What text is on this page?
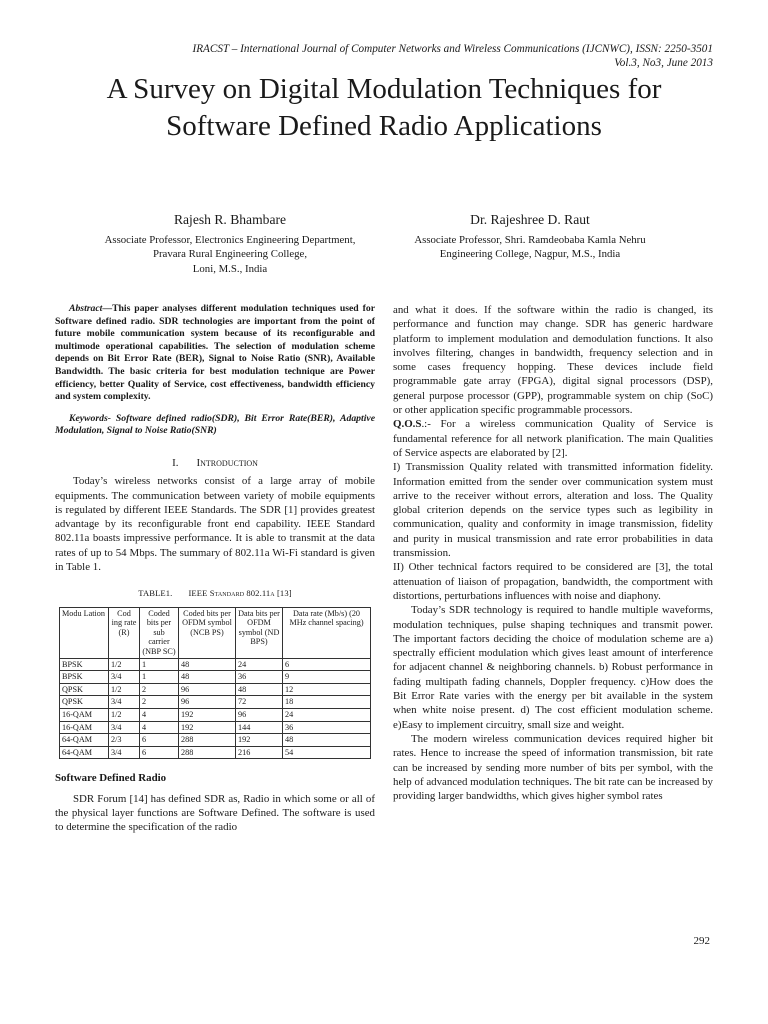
IRACST – International Journal of Computer Networks and Wireless Communications (IJCNWC), ISSN: 2250-3501
Vol.3, No3, June 2013
A Survey on Digital Modulation Techniques for
Software Defined Radio Applications
Rajesh R. Bhambare
Associate Professor, Electronics Engineering Department,
Pravara Rural Engineering College,
Loni, M.S., India
Dr. Rajeshree D. Raut
Associate Professor, Shri. Ramdeobaba Kamla Nehru
Engineering College, Nagpur, M.S., India

Abstract—This paper analyses different modulation techniques used for Software defined radio. SDR technologies are important from the point of future mobile communication system because of its reconfigurable and multimode operational capabilities. The selection of modulation scheme depends on Bit Error Rate (BER), Signal to Noise Ratio (SNR), Available Bandwidth. The basic criteria for best modulation technique are Power efficiency, better Quality of Service, cost effectiveness, bandwidth efficiency and system complexity.

Keywords- Software defined radio(SDR), Bit Error Rate(BER), Adaptive Modulation, Signal to Noise Ratio(SNR)

I. Introduction

Today’s wireless networks consist of a large array of mobile equipments. The communication between variety of mobile equipments is regulated by different IEEE Standards. The SDR [1] provides greatest advantage by its reconfigurable front end capability. IEEE Standard 802.11a boasts impressive performance. It is able to transmit at the data rates of up to 54 Mbps. The summary of 802.11a Wi-Fi standard is given in Table 1.

TABLE1. IEEE Standard 802.11a [13]
Modu Lation	Cod ing rate (R)	Coded bits per sub carrier (NBP SC)	Coded bits per OFDM symbol (NCB PS)	Data bits per OFDM symbol (ND BPS)	Data rate (Mb/s) (20 MHz channel spacing)
BPSK	1/2	1	48	24	6
BPSK	3/4	1	48	36	9
QPSK	1/2	2	96	48	12
QPSK	3/4	2	96	72	18
16-QAM	1/2	4	192	96	24
16-QAM	3/4	4	192	144	36
64-QAM	2/3	6	288	192	48
64-QAM	3/4	6	288	216	54

Software Defined Radio

SDR Forum [14] has defined SDR as, Radio in which some or all of the physical layer functions are Software Defined. The software is used to determine the specification of the radio

and what it does. If the software within the radio is changed, its performance and function may change. SDR has generic hardware platform to implement modulation and demodulation functions. It also involves filtering, changes in bandwidth, frequency selection and in some cases frequency hopping. These devices include field programmable gate array (FPGA), digital signal processors (DSP), general purpose processor (GPP), programmable system on chip (SoC) or other application specific programmable processors.

Q.O.S.:- For a wireless communication Quality of Service is fundamental reference for all network planification. The main Qualities of Service aspects are elaborated by [2].

I) Transmission Quality related with transmitted information fidelity. Information emitted from the sender over communication system must arrive to the receiver without errors, alteration and loss. The Quality global criterion depends on the service types such as legibility in communication, quality and conformity in image transmission, fidelity and purity in musical transmission and rate error probabilities in data transmission.

II) Other technical factors required to be considered are [3], the total attenuation of liaison of propagation, bandwidth, the comportment with distortions, perturbations influences with noise and diaphony.

Today’s SDR technology is required to handle multiple waveforms, modulation techniques, pulse shaping techniques and transmit power. The important factors deciding the choice of modulation scheme are a) spectrally efficient modulation which gives least amount of interference for adjacent channel & neighboring channels. b) Robust performance in fading multipath fading channels, Doppler frequency. c)How does the Bit Error Rate varies with the energy per bit available in the system when white noise present. d) The cost efficient modulation scheme. e)Easy to implement circuitry, small size and weight.

The modern wireless communication devices required higher bit rates. Hence to increase the speed of information transmission, bit rate can be increased by sending more number of bits per symbol, with the help of advanced modulation techniques. The bit rate can be increased by providing larger bandwidths, which gives higher symbol rates

292
